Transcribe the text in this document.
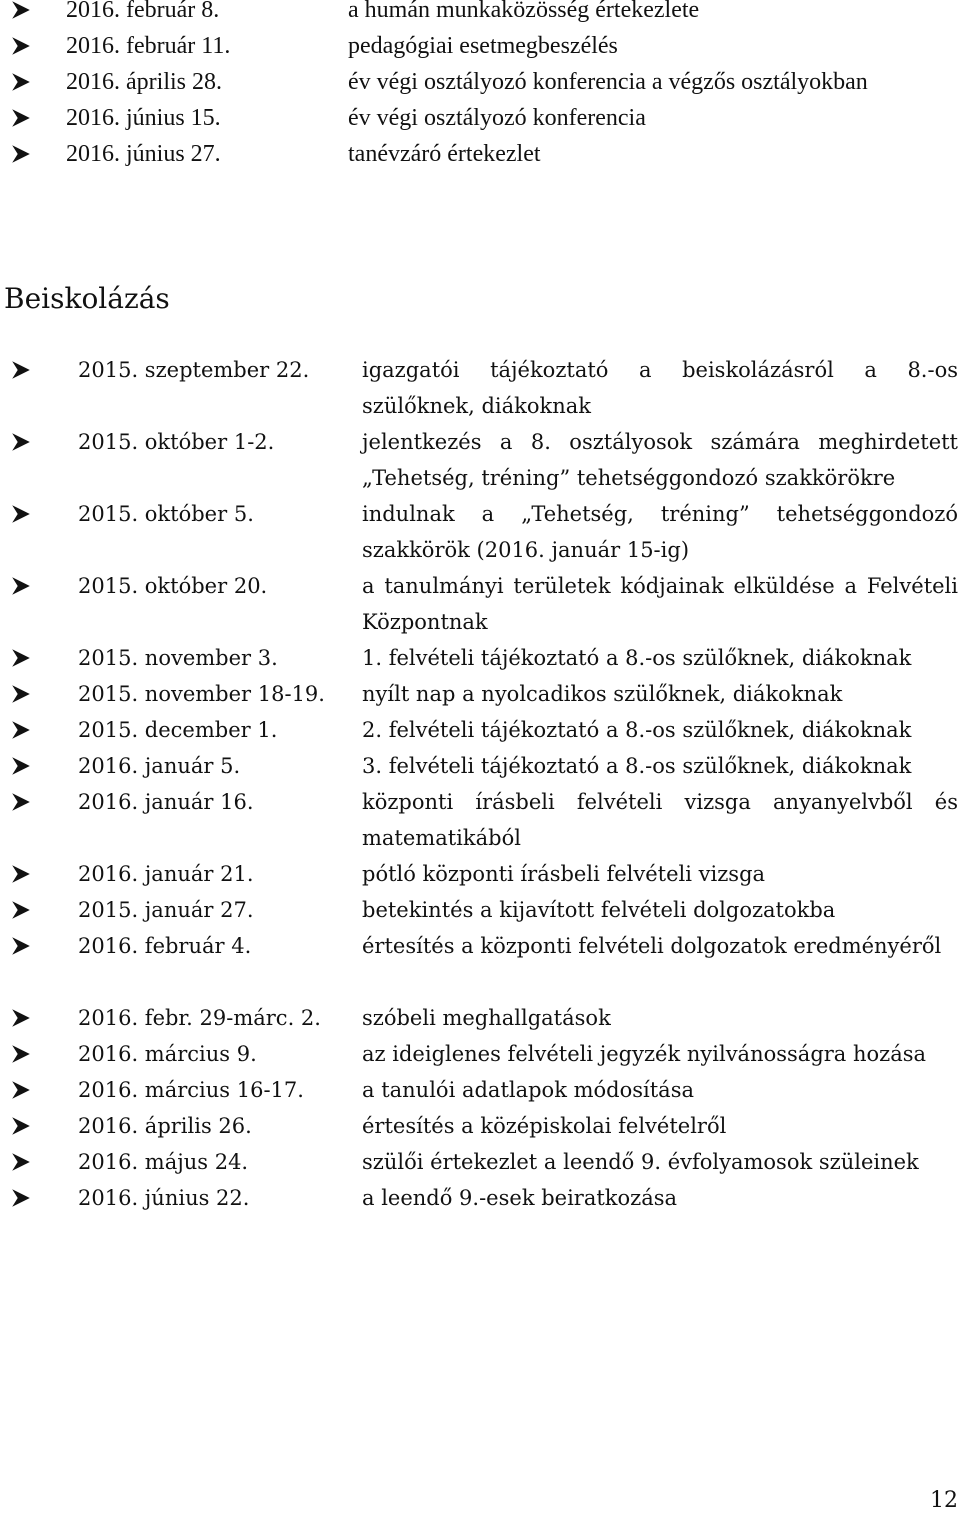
2016. február 8.	a humán munkaközösség értekezlete
2016. február 11.	pedagógiai esetmegbeszélés
2016. április 28.	év végi osztályozó konferencia a végzős osztályokban
2016. június 15.	év végi osztályozó konferencia
2016. június 27.	tanévzáró értekezlet
Beiskolázás
2015. szeptember 22.	igazgatói tájékoztató a beiskolázásról a 8.-os szülőknek, diákoknak
2015. október 1-2.	jelentkezés a 8. osztályosok számára meghirdetett „Tehetség, tréning” tehetséggondozó szakkörökre
2015. október 5.	indulnak a „Tehetség, tréning” tehetséggondozó szakkörök (2016. január 15-ig)
2015. október 20.	a tanulmányi területek kódjainak elküldése a Felvételi Központnak
2015. november 3.	1. felvételi tájékoztató a 8.-os szülőknek, diákoknak
2015. november 18-19. nyílt nap a nyolcadikos szülőknek, diákoknak
2015. december 1.	2. felvételi tájékoztató a 8.-os szülőknek, diákoknak
2016. január 5.	3. felvételi tájékoztató a 8.-os szülőknek, diákoknak
2016. január 16.	központi írásbeli felvételi vizsga anyanyelvből és matematikából
2016. január 21.	pótló központi írásbeli felvételi vizsga
2015. január 27.	betekintés a kijavított felvételi dolgozatokba
2016. február 4.	értesítés a központi felvételi dolgozatok eredményéről
2016. febr. 29-márc. 2. szóbeli meghallgatások
2016. március 9.	az ideiglenes felvételi jegyzék nyilvánosságra hozása
2016. március 16-17.	a tanulói adatlapok módosítása
2016. április 26.	értesítés a középiskolai felvételről
2016. május 24.	szülői értekezlet a leendő 9. évfolyamosok szüleinek
2016. június 22.	a leendő 9.-esek beiratkozása
12
